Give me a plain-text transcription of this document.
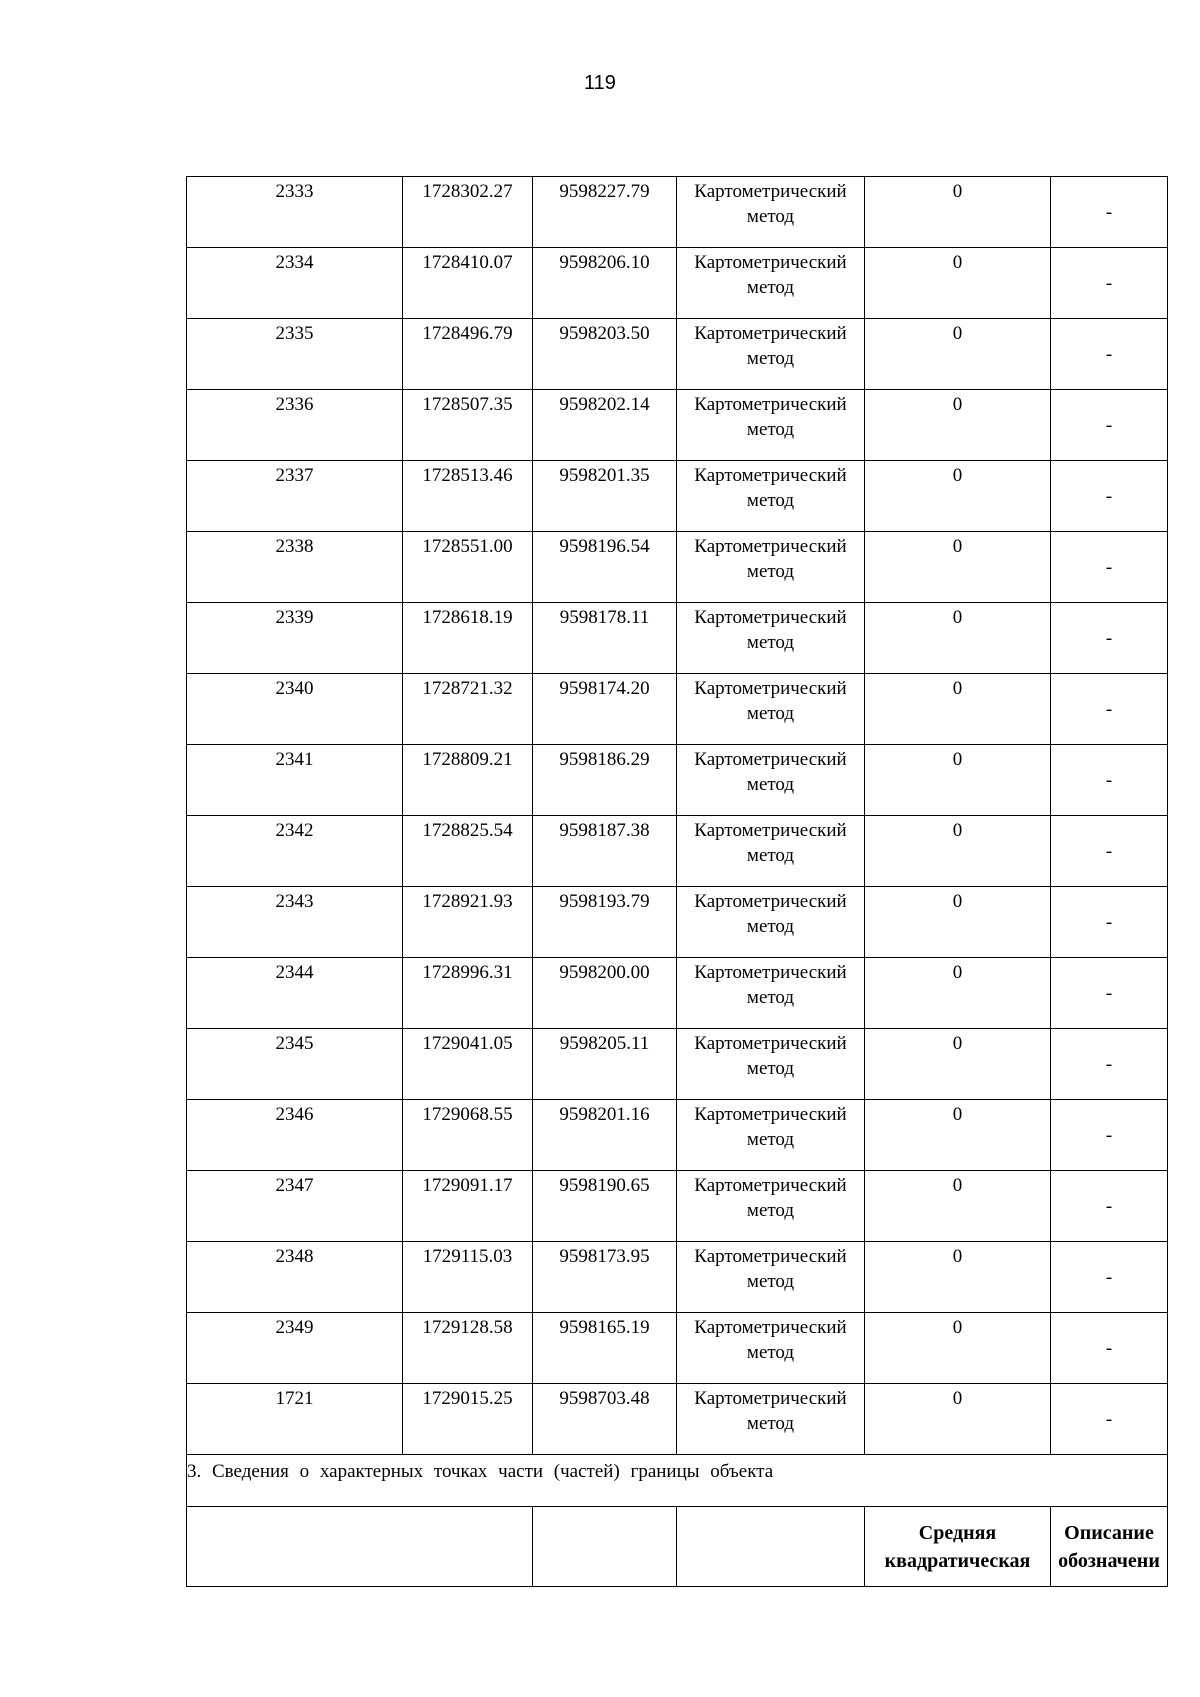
119
2333	1728302.27	9598227.79	Картометрический метод	0	-
2334	1728410.07	9598206.10	Картометрический метод	0	-
2335	1728496.79	9598203.50	Картометрический метод	0	-
2336	1728507.35	9598202.14	Картометрический метод	0	-
2337	1728513.46	9598201.35	Картометрический метод	0	-
2338	1728551.00	9598196.54	Картометрический метод	0	-
2339	1728618.19	9598178.11	Картометрический метод	0	-
2340	1728721.32	9598174.20	Картометрический метод	0	-
2341	1728809.21	9598186.29	Картометрический метод	0	-
2342	1728825.54	9598187.38	Картометрический метод	0	-
2343	1728921.93	9598193.79	Картометрический метод	0	-
2344	1728996.31	9598200.00	Картометрический метод	0	-
2345	1729041.05	9598205.11	Картометрический метод	0	-
2346	1729068.55	9598201.16	Картометрический метод	0	-
2347	1729091.17	9598190.65	Картометрический метод	0	-
2348	1729115.03	9598173.95	Картометрический метод	0	-
2349	1729128.58	9598165.19	Картометрический метод	0	-
1721	1729015.25	9598703.48	Картометрический метод	0	-
3. Сведения о характерных точках части (частей) границы объекта					
				Средняя квадратическая	Описание обозначени
